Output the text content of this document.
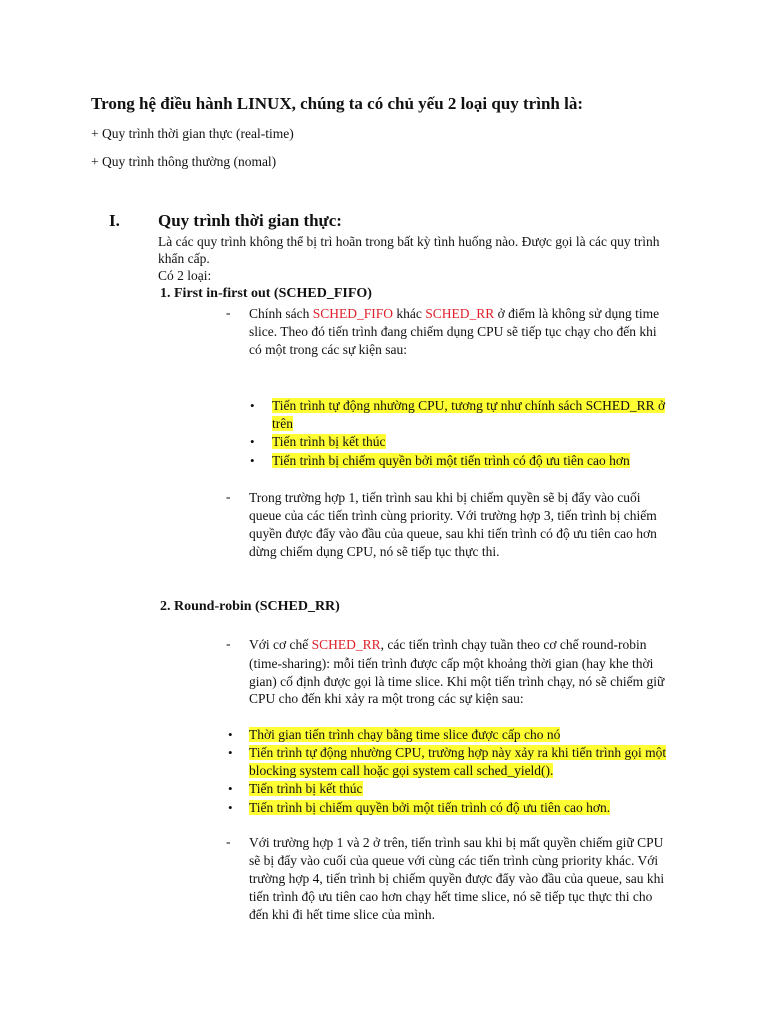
Trong hệ điều hành LINUX, chúng ta có chủ yếu 2 loại quy trình là:
+ Quy trình thời gian thực (real-time)
+ Quy trình thông thường (nomal)
I. Quy trình thời gian thực:
Là các quy trình không thể bị trì hoãn trong bất kỳ tình huống nào. Được gọi là các quy trình
khẩn cấp.
Có 2 loại:
1. First in-first out (SCHED_FIFO)
- Chính sách SCHED_FIFO khác SCHED_RR ở điểm là không sử dụng time
slice. Theo đó tiến trình đang chiếm dụng CPU sẽ tiếp tục chạy cho đến khi
có một trong các sự kiện sau:
• Tiến trình tự động nhường CPU, tương tự như chính sách SCHED_RR ở
trên
• Tiến trình bị kết thúc
• Tiến trình bị chiếm quyền bởi một tiến trình có độ ưu tiên cao hơn
- Trong trường hợp 1, tiến trình sau khi bị chiếm quyền sẽ bị đẩy vào cuối
queue của các tiến trình cùng priority. Với trường hợp 3, tiến trình bị chiếm
quyền được đẩy vào đầu của queue, sau khi tiến trình có độ ưu tiên cao hơn
dừng chiếm dụng CPU, nó sẽ tiếp tục thực thi.
2. Round-robin (SCHED_RR)
- Với cơ chế SCHED_RR, các tiến trình chạy tuần theo cơ chế round-robin
(time-sharing): mỗi tiến trình được cấp một khoảng thời gian (hay khe thời
gian) cố định được gọi là time slice. Khi một tiến trình chạy, nó sẽ chiếm giữ
CPU cho đến khi xảy ra một trong các sự kiện sau:
• Thời gian tiến trình chạy bằng time slice được cấp cho nó
• Tiến trình tự động nhường CPU, trường hợp này xảy ra khi tiến trình gọi một
blocking system call hoặc gọi system call sched_yield().
• Tiến trình bị kết thúc
• Tiến trình bị chiếm quyền bởi một tiến trình có độ ưu tiên cao hơn.
- Với trường hợp 1 và 2 ở trên, tiến trình sau khi bị mất quyền chiếm giữ CPU
sẽ bị đẩy vào cuối của queue với cùng các tiến trình cùng priority khác. Với
trường hợp 4, tiến trình bị chiếm quyền được đẩy vào đầu của queue, sau khi
tiến trình độ ưu tiên cao hơn chạy hết time slice, nó sẽ tiếp tục thực thi cho
đến khi đi hết time slice của mình.
